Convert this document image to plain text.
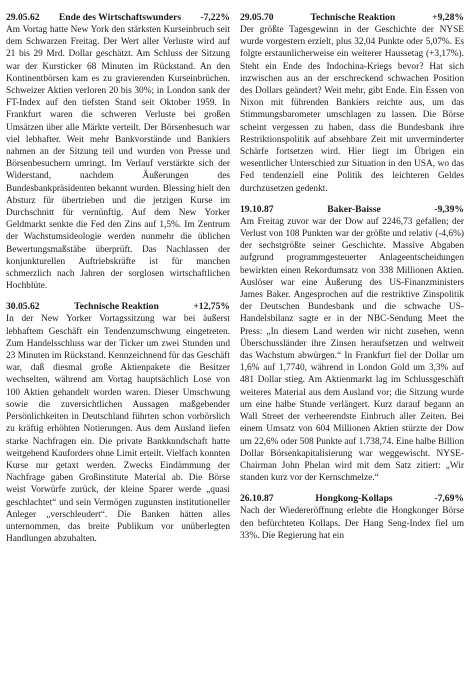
29.05.62	Ende des Wirtschaftswunders	-7,22%
Am Vortag hatte New York den stärksten Kurseinbruch seit dem Schwarzen Freitag. Der Wert aller Verluste wird auf 21 bis 29 Mrd. Dollar geschätzt. Am Schluss der Sitzung war der Kursticker 68 Minuten im Rückstand. An den Kontinentbörsen kam es zu gravierenden Kurseinbrüchen. Schweizer Aktien verloren 20 bis 30%; in London sank der FT-Index auf den tiefsten Stand seit Oktober 1959. In Frankfurt waren die schweren Verluste bei großen Umsätzen über alle Märkte verteilt. Der Börsenbesuch war viel lebhafter. Weit mehr Bankvorstände und Bankiers nahmen an der Sitzung teil und wurden von Presse und Börsenbesuchern umringt. Im Verlauf verstärkte sich der Widerstand, nachdem Äußerungen des Bundesbankpräsidenten bekannt wurden. Blessing hielt den Absturz für übertrieben und die jetzigen Kurse im Durchschnitt für vernünftig. Auf dem New Yorker Geldmarkt senkte die Fed den Zins auf 1,5%. Im Zentrum der Wachstumsideologie werden nunmehr die üblichen Bewertungsmaßstäbe überprüft. Das Nachlassen der konjunkturellen Auftriebskräfte ist für manchen schmerzlich nach Jahren der sorglosen wirtschaftlichen Hochblüte.
30.05.62	Technische Reaktion	+12,75%
In der New Yorker Vortagssitzung war bei äußerst lebhaftem Geschäft ein Tendenzumschwung eingetreten. Zum Handelsschluss war der Ticker um zwei Stunden und 23 Minuten im Rückstand. Kennzeichnend für das Geschäft war, daß diesmal große Aktienpakete die Besitzer wechselten, während am Vortag hauptsächlich Lose von 100 Aktien gehandelt worden waren. Dieser Umschwung sowie die zuversichtlichen Aussagen maßgebender Persönlichkeiten in Deutschland führten schon vorbörslich zu kräftig erhöhten Notierungen. Aus dem Ausland liefen starke Nachfragen ein. Die private Bankkundschaft hatte weitgehend Kauforders ohne Limit erteilt. Vielfach konnten Kurse nur getaxt werden. Zwecks Eindämmung der Nachfrage gaben Großinstitute Material ab. Die Börse weist Vorwürfe zurück, der kleine Sparer werde „quasi geschlachtet“ und sein Vermögen zugunsten institutioneller Anleger „verschleudert“. Die Banken hätten alles unternommen, das breite Publikum vor unüberlegten Handlungen abzuhalten.
29.05.70	Technische Reaktion	+9,28%
Der größte Tagesgewinn in der Geschichte der NYSE wurde vorgestern erzielt, plus 32,04 Punkte oder 5,07%. Es folgte erstaunlicherweise ein weiterer Haussetag (+3,17%). Steht ein Ende des Indochina-Kriegs bevor? Hat sich inzwischen aus an der erschreckend schwachen Position des Dollars geändert? Weit mehr, gibt Ende. Ein Essen von Nixon mit führenden Bankiers reichte aus, um das Stimmungsbarometer umschlagen zu lassen. Die Börse scheint vergessen zu haben, dass die Bundesbank ihre Restriktionspolitik auf absehbare Zeit mit unverminderter Schärfe fortsetzen wird. Hier liegt im Übrigen ein wesentlicher Unterschied zur Situation in den USA, wo das Fed tendenziell eine Politik des leichteren Geldes durchzusetzen gedenkt.
19.10.87	Baker-Baisse	-9,39%
Am Freitag zuvor war der Dow auf 2246,73 gefallen; der Verlust von 108 Punkten war der größte und relativ (-4,6%) der sechstgrößte seiner Geschichte. Massive Abgaben aufgrund programmgesteuerter Anlageentscheidungen bewirkten einen Rekordumsatz von 338 Millionen Aktien. Auslöser war eine Äußerung des US-Finanzministers James Baker. Angesprochen auf die restriktive Zinspolitik der Deutschen Bundesbank und die schwache US-Handelsbilanz sagte er in der NBC-Sendung Meet the Press: „In diesem Land werden wir nicht zusehen, wenn Überschussländer ihre Zinsen heraufsetzen und weltweit das Wachstum abwürgen.“ In Frankfurt fiel der Dollar um 1,6% auf 1,7740, während in London Gold um 3,3% auf 481 Dollar stieg. Am Aktienmarkt lag im Schlussgeschäft weiteres Material aus dem Ausland vor; die Sitzung wurde um eine halbe Stunde verlängert. Kurz darauf begann an Wall Street der verheerendste Einbruch aller Zeiten. Bei einem Umsatz von 604 Millionen Aktien stürzte der Dow um 22,6% oder 508 Punkte auf 1.738,74. Eine halbe Billion Dollar Börsenkapitalisierung war weggewischt. NYSE-Chairman John Phelan wird mit dem Satz zitiert: „Wir standen kurz vor der Kernschmelze.“
26.10.87	Hongkong-Kollaps	-7,69%
Nach der Wiedereröffnung erlebte die Hongkonger Börse den befürchteten Kollaps. Der Hang Seng-Index fiel um 33%. Die Regierung hat ein
